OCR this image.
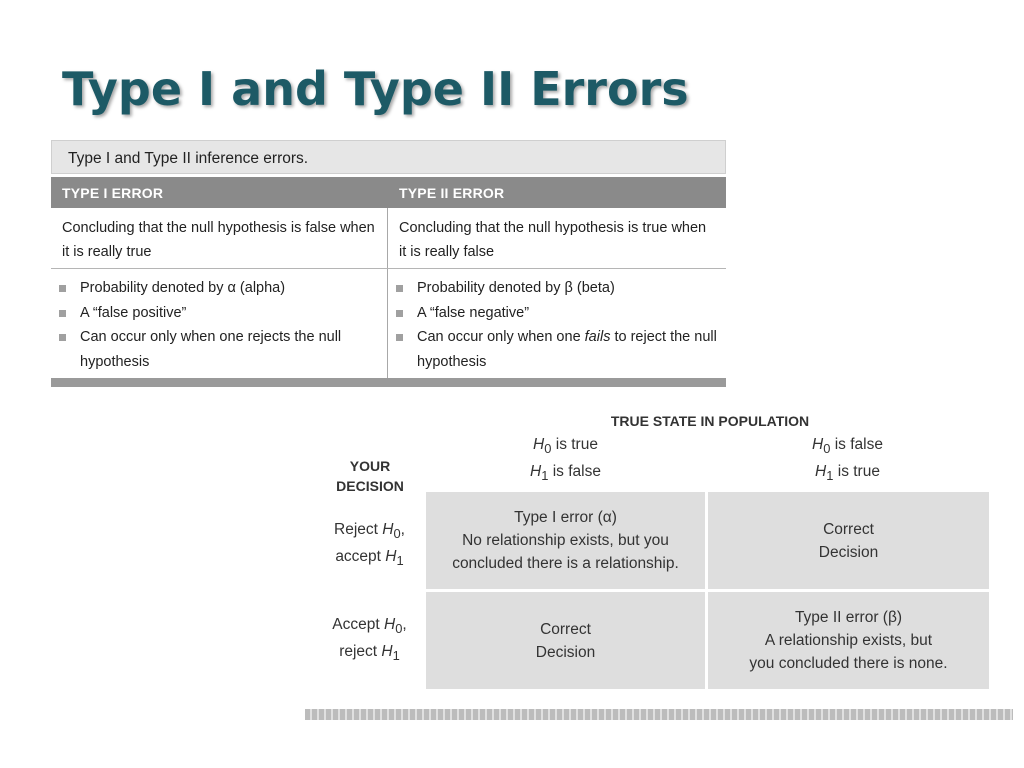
Type I and Type II Errors
Type I and Type II inference errors.
TYPE I ERROR	TYPE II ERROR
Concluding that the null hypothesis is false when it is really true
Concluding that the null hypothesis is true when it is really false
Probability denoted by α (alpha)
A “false positive”
Can occur only when one rejects the null hypothesis
Probability denoted by β (beta)
A “false negative”
Can occur only when one fails to reject the null hypothesis
TRUE STATE IN POPULATION
$H_0$ is true
$H_1$ is false
$H_0$ is false
$H_1$ is true
YOUR
DECISION
Reject $H_0$,
accept $H_1$
Accept $H_0$,
reject $H_1$
Type I error (α)
No relationship exists, but you
concluded there is a relationship.
Correct
Decision
Correct
Decision
Type II error (β)
A relationship exists, but
you concluded there is none.
